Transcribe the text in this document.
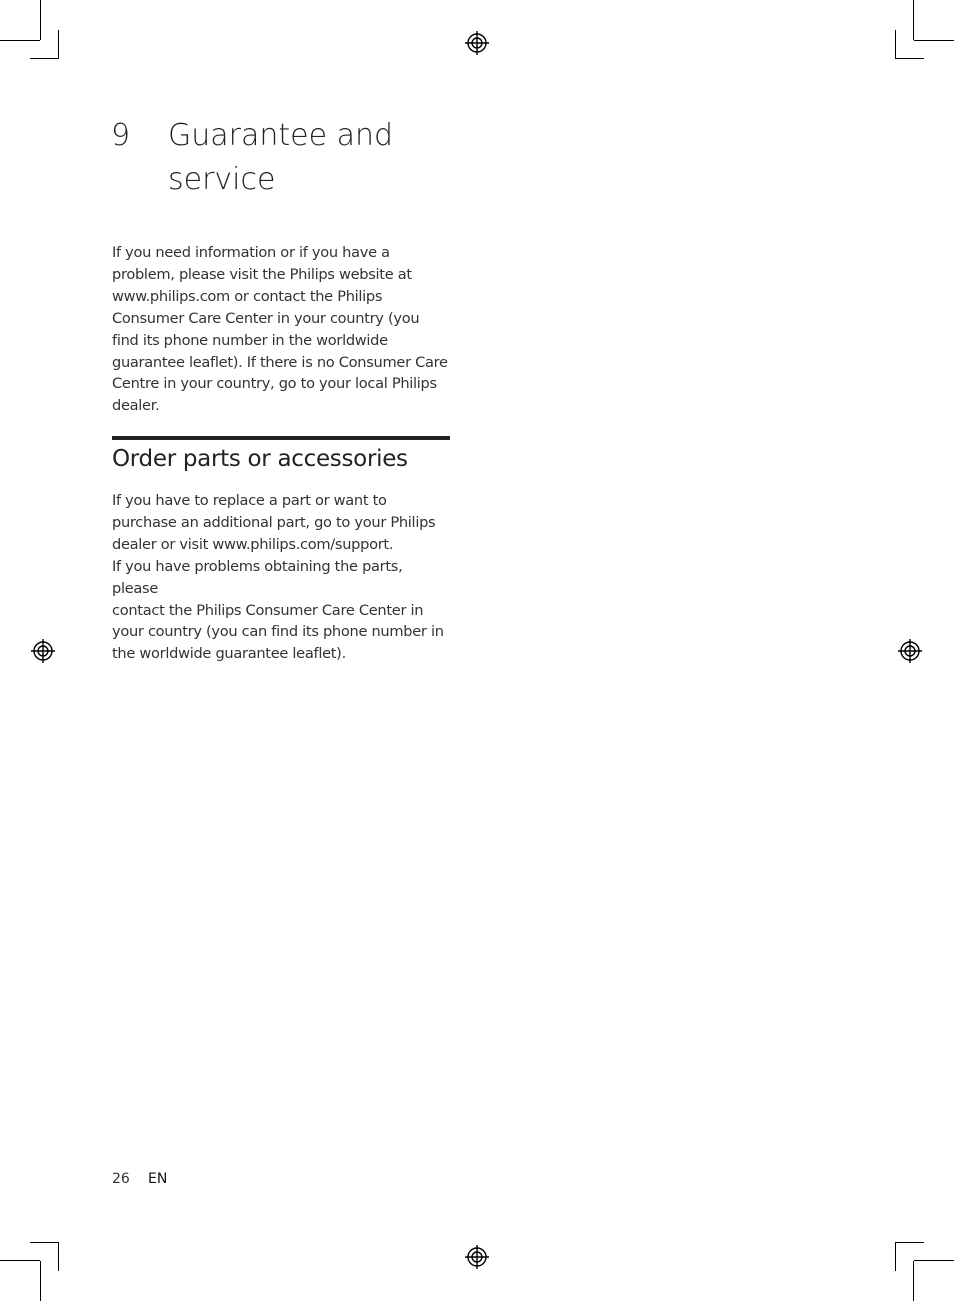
9 Guarantee and service
If you need information or if you have a
problem, please visit the Philips website at
www.philips.com or contact the Philips
Consumer Care Center in your country (you
find its phone number in the worldwide
guarantee leaflet). If there is no Consumer Care
Centre in your country, go to your local Philips
dealer.
Order parts or accessories
If you have to replace a part or want to
purchase an additional part, go to your Philips
dealer or visit www.philips.com/support.
If you have problems obtaining the parts, please
contact the Philips Consumer Care Center in
your country (you can find its phone number in
the worldwide guarantee leaflet).
26 EN
